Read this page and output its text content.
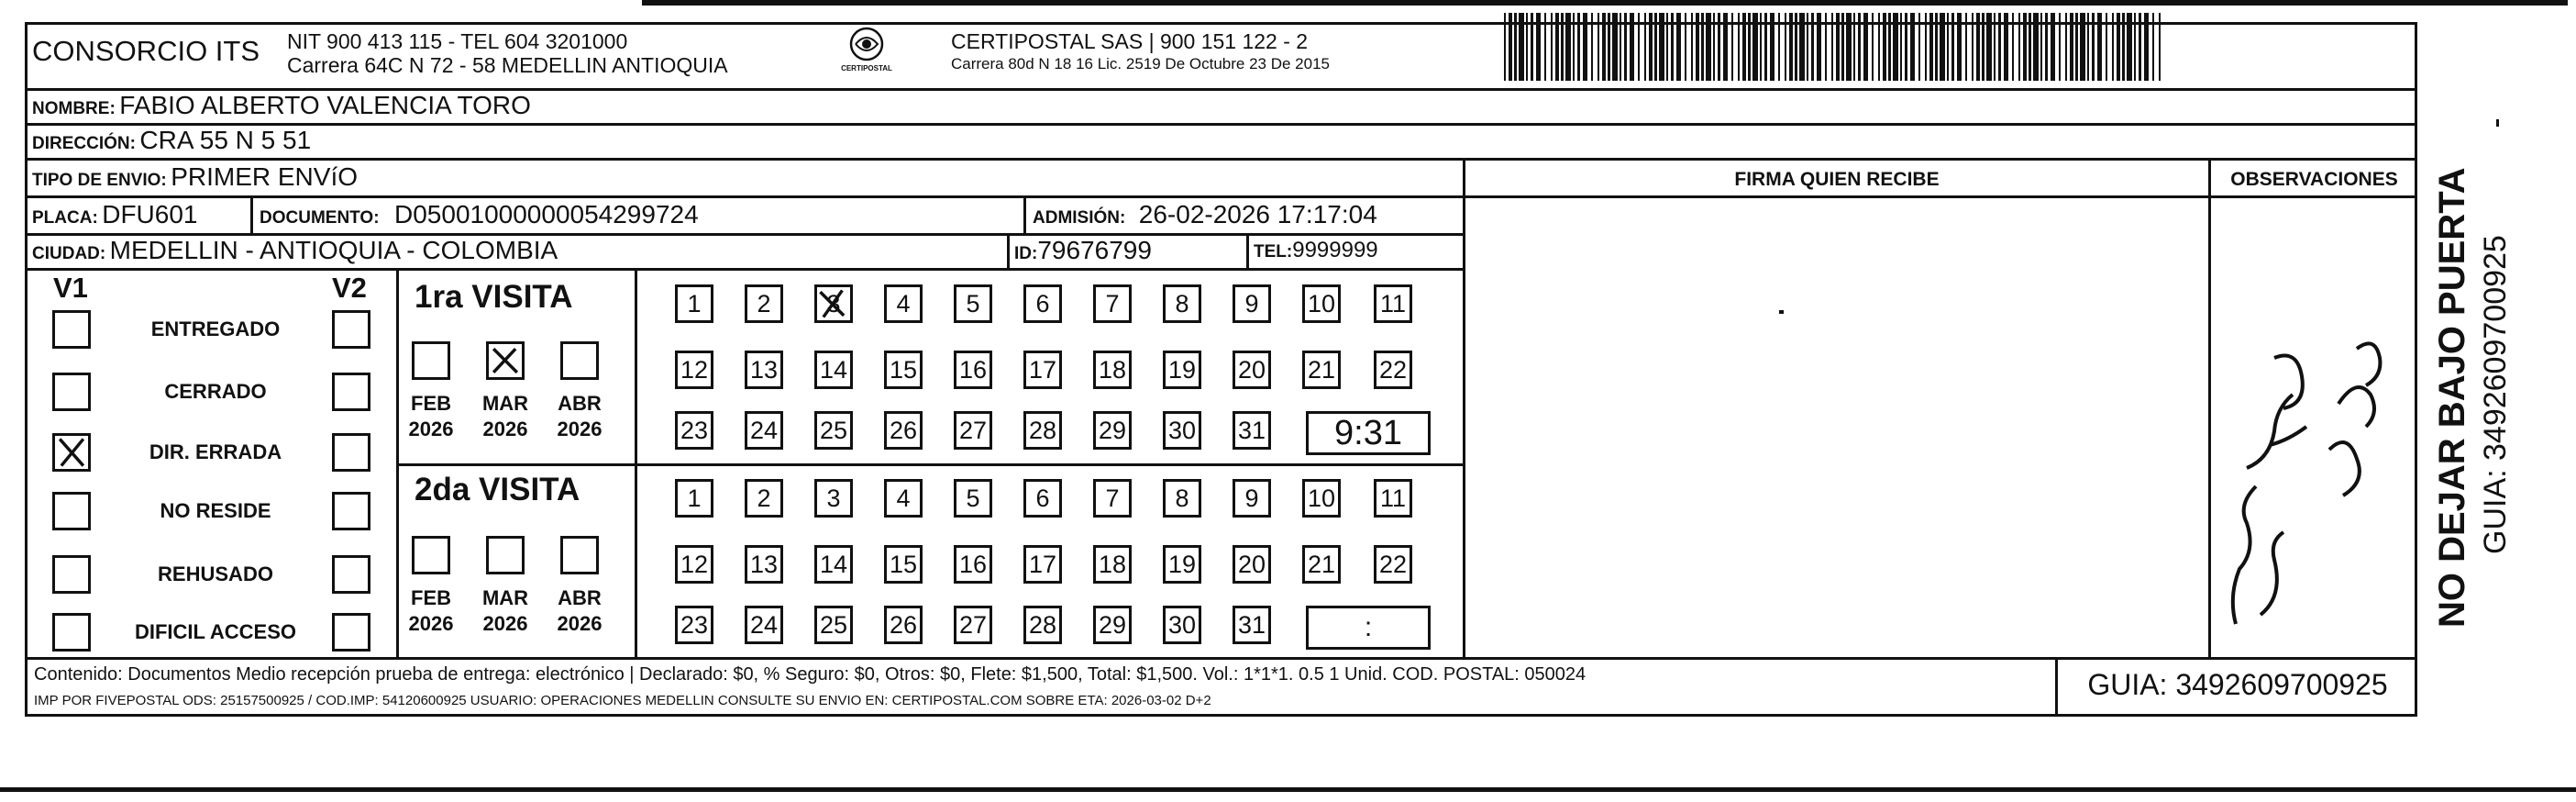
CONSORCIO ITS NIT 900 413 115 - TEL 604 3201000
Carrera 64C N 72 - 58 MEDELLIN ANTIOQUIA	CERTIPOSTAL
CERTIPOSTAL SAS | 900 151 122 - 2
Carrera 80d N 18 16 Lic. 2519 De Octubre 23 De 2015
NOMBRE: FABIO ALBERTO VALENCIA TORO
DIRECCIÓN: CRA 55 N 5 51
TIPO DE ENVIO: PRIMER ENVíO	FIRMA QUIEN RECIBE	OBSERVACIONES
PLACA: DFU601	DOCUMENTO: D05001000000054299724	ADMISIÓN: 26-02-2026 17:17:04
CIUDAD: MEDELLIN - ANTIOQUIA - COLOMBIA	ID:79676799	TEL:9999999
V1	V2
ENTREGADO
CERRADO
DIR. ERRADA
NO RESIDE
REHUSADO
DIFICIL ACCESO
1ra VISITA
2da VISITA
FEB
2026
MAR
2026
ABR
2026
1 2 3 4 5 6 7 8 9 10 11
12 13 14 15 16 17 18 19 20 21 22
23 24 25 26 27 28 29 30 31	9:31
FEB
2026
MAR
2026
ABR
2026
1 2 3 4 5 6 7 8 9 10 11
12 13 14 15 16 17 18 19 20 21 22
23 24 25 26 27 28 29 30 31	:
Contenido: Documentos Medio recepción prueba de entrega: electrónico | Declarado: $0, % Seguro: $0, Otros: $0, Flete: $1,500, Total: $1,500. Vol.: 1*1*1. 0.5 1 Unid. COD. POSTAL: 050024
IMP POR FIVEPOSTAL ODS: 25157500925 / COD.IMP: 54120600925 USUARIO: OPERACIONES MEDELLIN CONSULTE SU ENVIO EN: CERTIPOSTAL.COM SOBRE ETA: 2026-03-02 D+2	GUIA: 3492609700925
NO DEJAR BAJO PUERTA GUIA: 3492609700925
